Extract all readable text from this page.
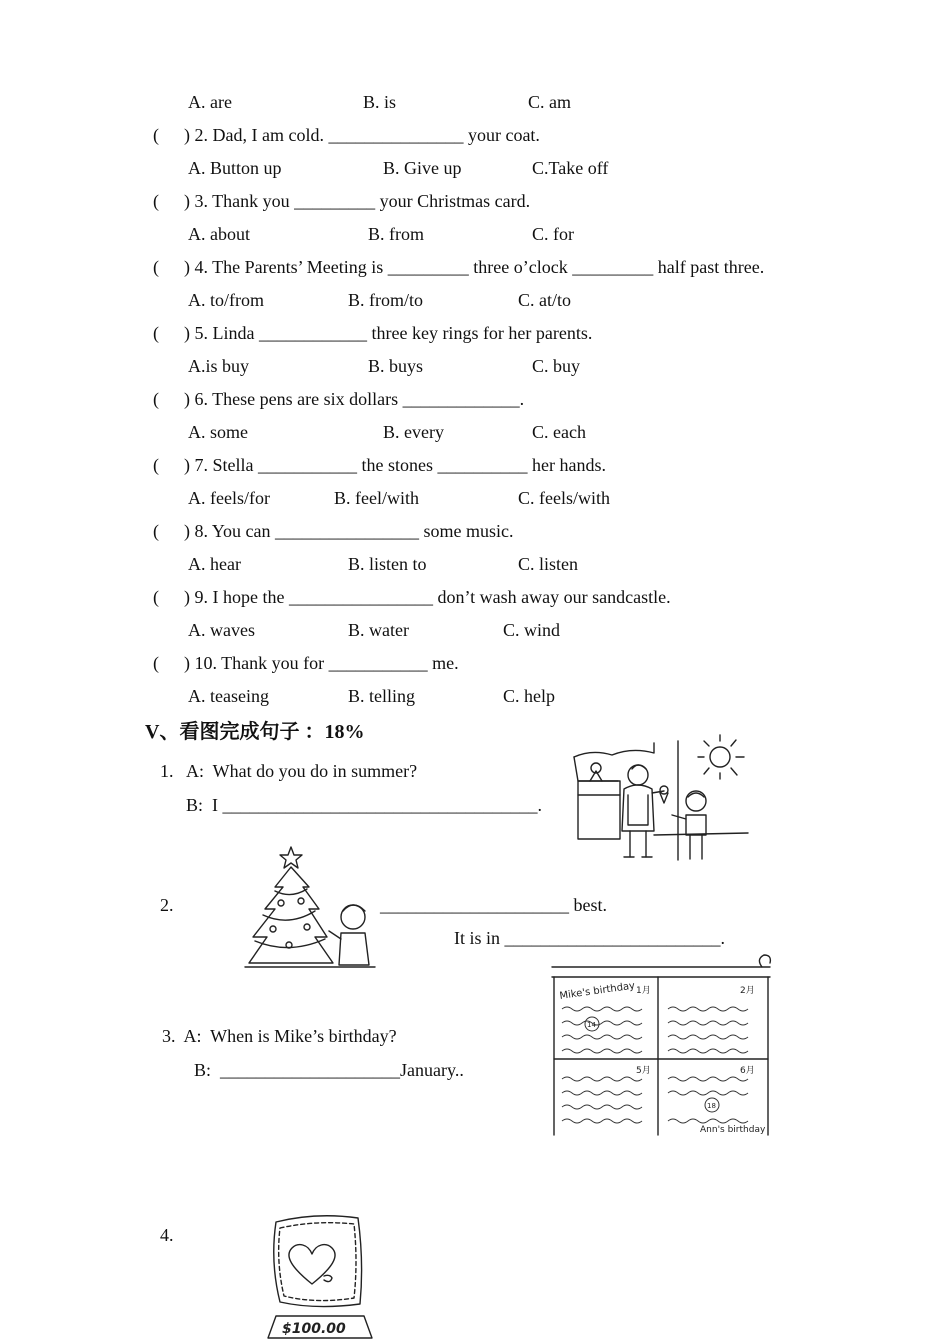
A. are	B. is	C. am
( ) 2. Dad, I am cold. _______________ your coat.
A. Button up	B. Give up	C.Take off
( ) 3. Thank you _________ your Christmas card.
A. about	B. from	C. for
( ) 4. The Parents’ Meeting is _________ three o’clock _________ half past three.
A. to/from	B. from/to	C. at/to
( ) 5. Linda ____________ three key rings for her parents.
A.is buy	B. buys	C. buy
( ) 6. These pens are six dollars _____________.
A. some	B. every	C. each
( ) 7. Stella ___________ the stones __________ her hands.
A. feels/for	B. feel/with	C. feels/with
( ) 8. You can ________________ some music.
A. hear	B. listen to	C. listen
( ) 9. I hope the ________________ don’t wash away our sandcastle.
A. waves	B. water	C. wind
( ) 10. Thank you for ___________ me.
A. teaseing	B. telling	C. help
V、看图完成句子 ：18%
1.   A:  What do you do in summer?
B:  I ___________________________________.
2.	_____________________ best.
It is in ________________________.
Mike's birthday 1月	2月
5月	6月
14
18
Ann's birthday
3.  A:  When is Mike’s birthday?
B:  ____________________January..
4.
$100.00
